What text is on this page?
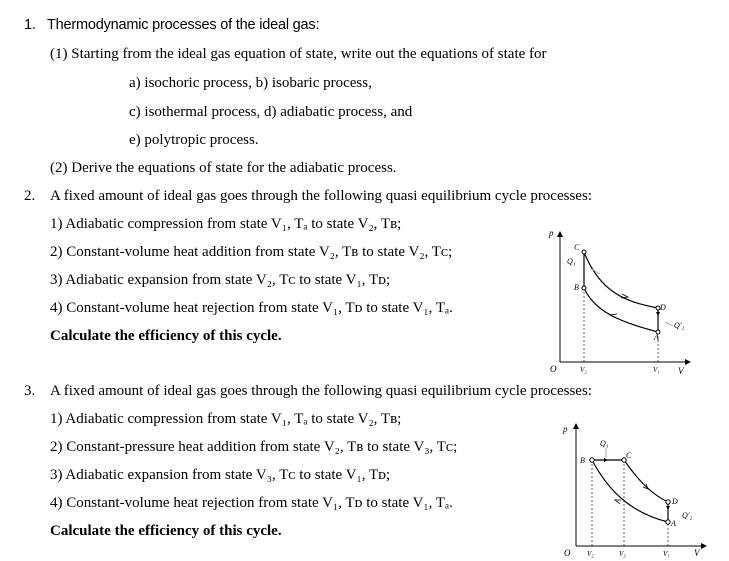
1. Thermodynamic processes of the ideal gas:
(1) Starting from the ideal gas equation of state, write out the equations of state for
a) isochoric process, b) isobaric process,
c) isothermal process, d) adiabatic process, and
e) polytropic process.
(2) Derive the equations of state for the adiabatic process.
2. A fixed amount of ideal gas goes through the following quasi equilibrium cycle processes:
1) Adiabatic compression from state V₁, Tₐ to state V₂, Tʙ;
2) Constant-volume heat addition from state V₂, Tʙ to state V₂, Tᴄ;
3) Adiabatic expansion from state V₂, Tᴄ to state V₁, Tᴅ;
4) Constant-volume heat rejection from state V₁, Tᴅ to state V₁, Tₐ.
Calculate the efficiency of this cycle.
p
V
O
C
B
D
A
Q₁
Q′₂
V₂	V₁
3. A fixed amount of ideal gas goes through the following quasi equilibrium cycle processes:
1) Adiabatic compression from state V₁, Tₐ to state V₂, Tʙ;
2) Constant-pressure heat addition from state V₂, Tʙ to state V₃, Tᴄ;
3) Adiabatic expansion from state V₃, Tᴄ to state V₁, Tᴅ;
4) Constant-volume heat rejection from state V₁, Tᴅ to state V₁, Tₐ.
Calculate the efficiency of this cycle.
p
V
O
B
C
D
A
Q₁
Q′₂
V₂	V₃	V₁
